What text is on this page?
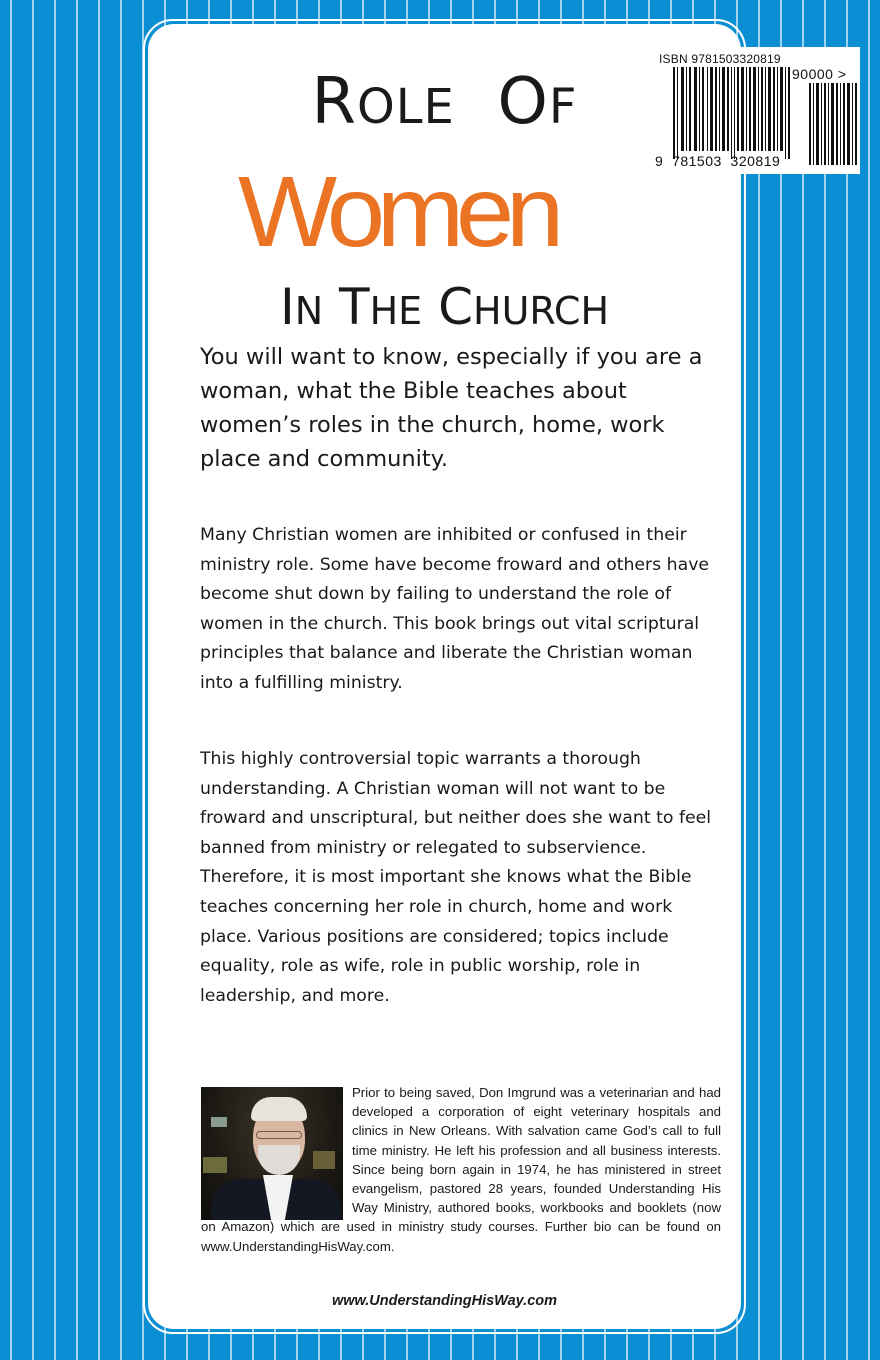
ROLE OF
Women
IN THE CHURCH
www.UnderstandingHisWay.com
ISBN 9781503320819
90000 >
9  781503  320819
You will want to know, especially if you are a woman, what the Bible teaches about women’s roles in the church, home, work place and community.
Many Christian women are inhibited or confused in their ministry role. Some have become froward and others have become shut down by failing to understand the role of women in the church. This book brings out vital scriptural principles that balance and liberate the Christian woman into a fulfilling ministry.
This highly controversial topic warrants a thorough understanding. A Christian woman will not want to be froward and unscriptural, but neither does she want to feel banned from ministry or relegated to subservience. Therefore, it is most important she knows what the Bible teaches concerning her role in church, home and work place. Various positions are considered; topics include equality, role as wife, role in public worship, role in leadership, and more.
Prior to being saved, Don Imgrund was a veterinarian and had developed a corporation of eight veterinary hospitals and clinics in New Orleans. With salvation came God’s call to full time ministry. He left his profession and all business interests. Since being born again in 1974, he has ministered in street evangelism, pastored 28 years, founded Understanding His Way Ministry, authored books, workbooks and booklets (now on Amazon) which are used in ministry study courses. Further bio can be found on www.UnderstandingHisWay.com.
